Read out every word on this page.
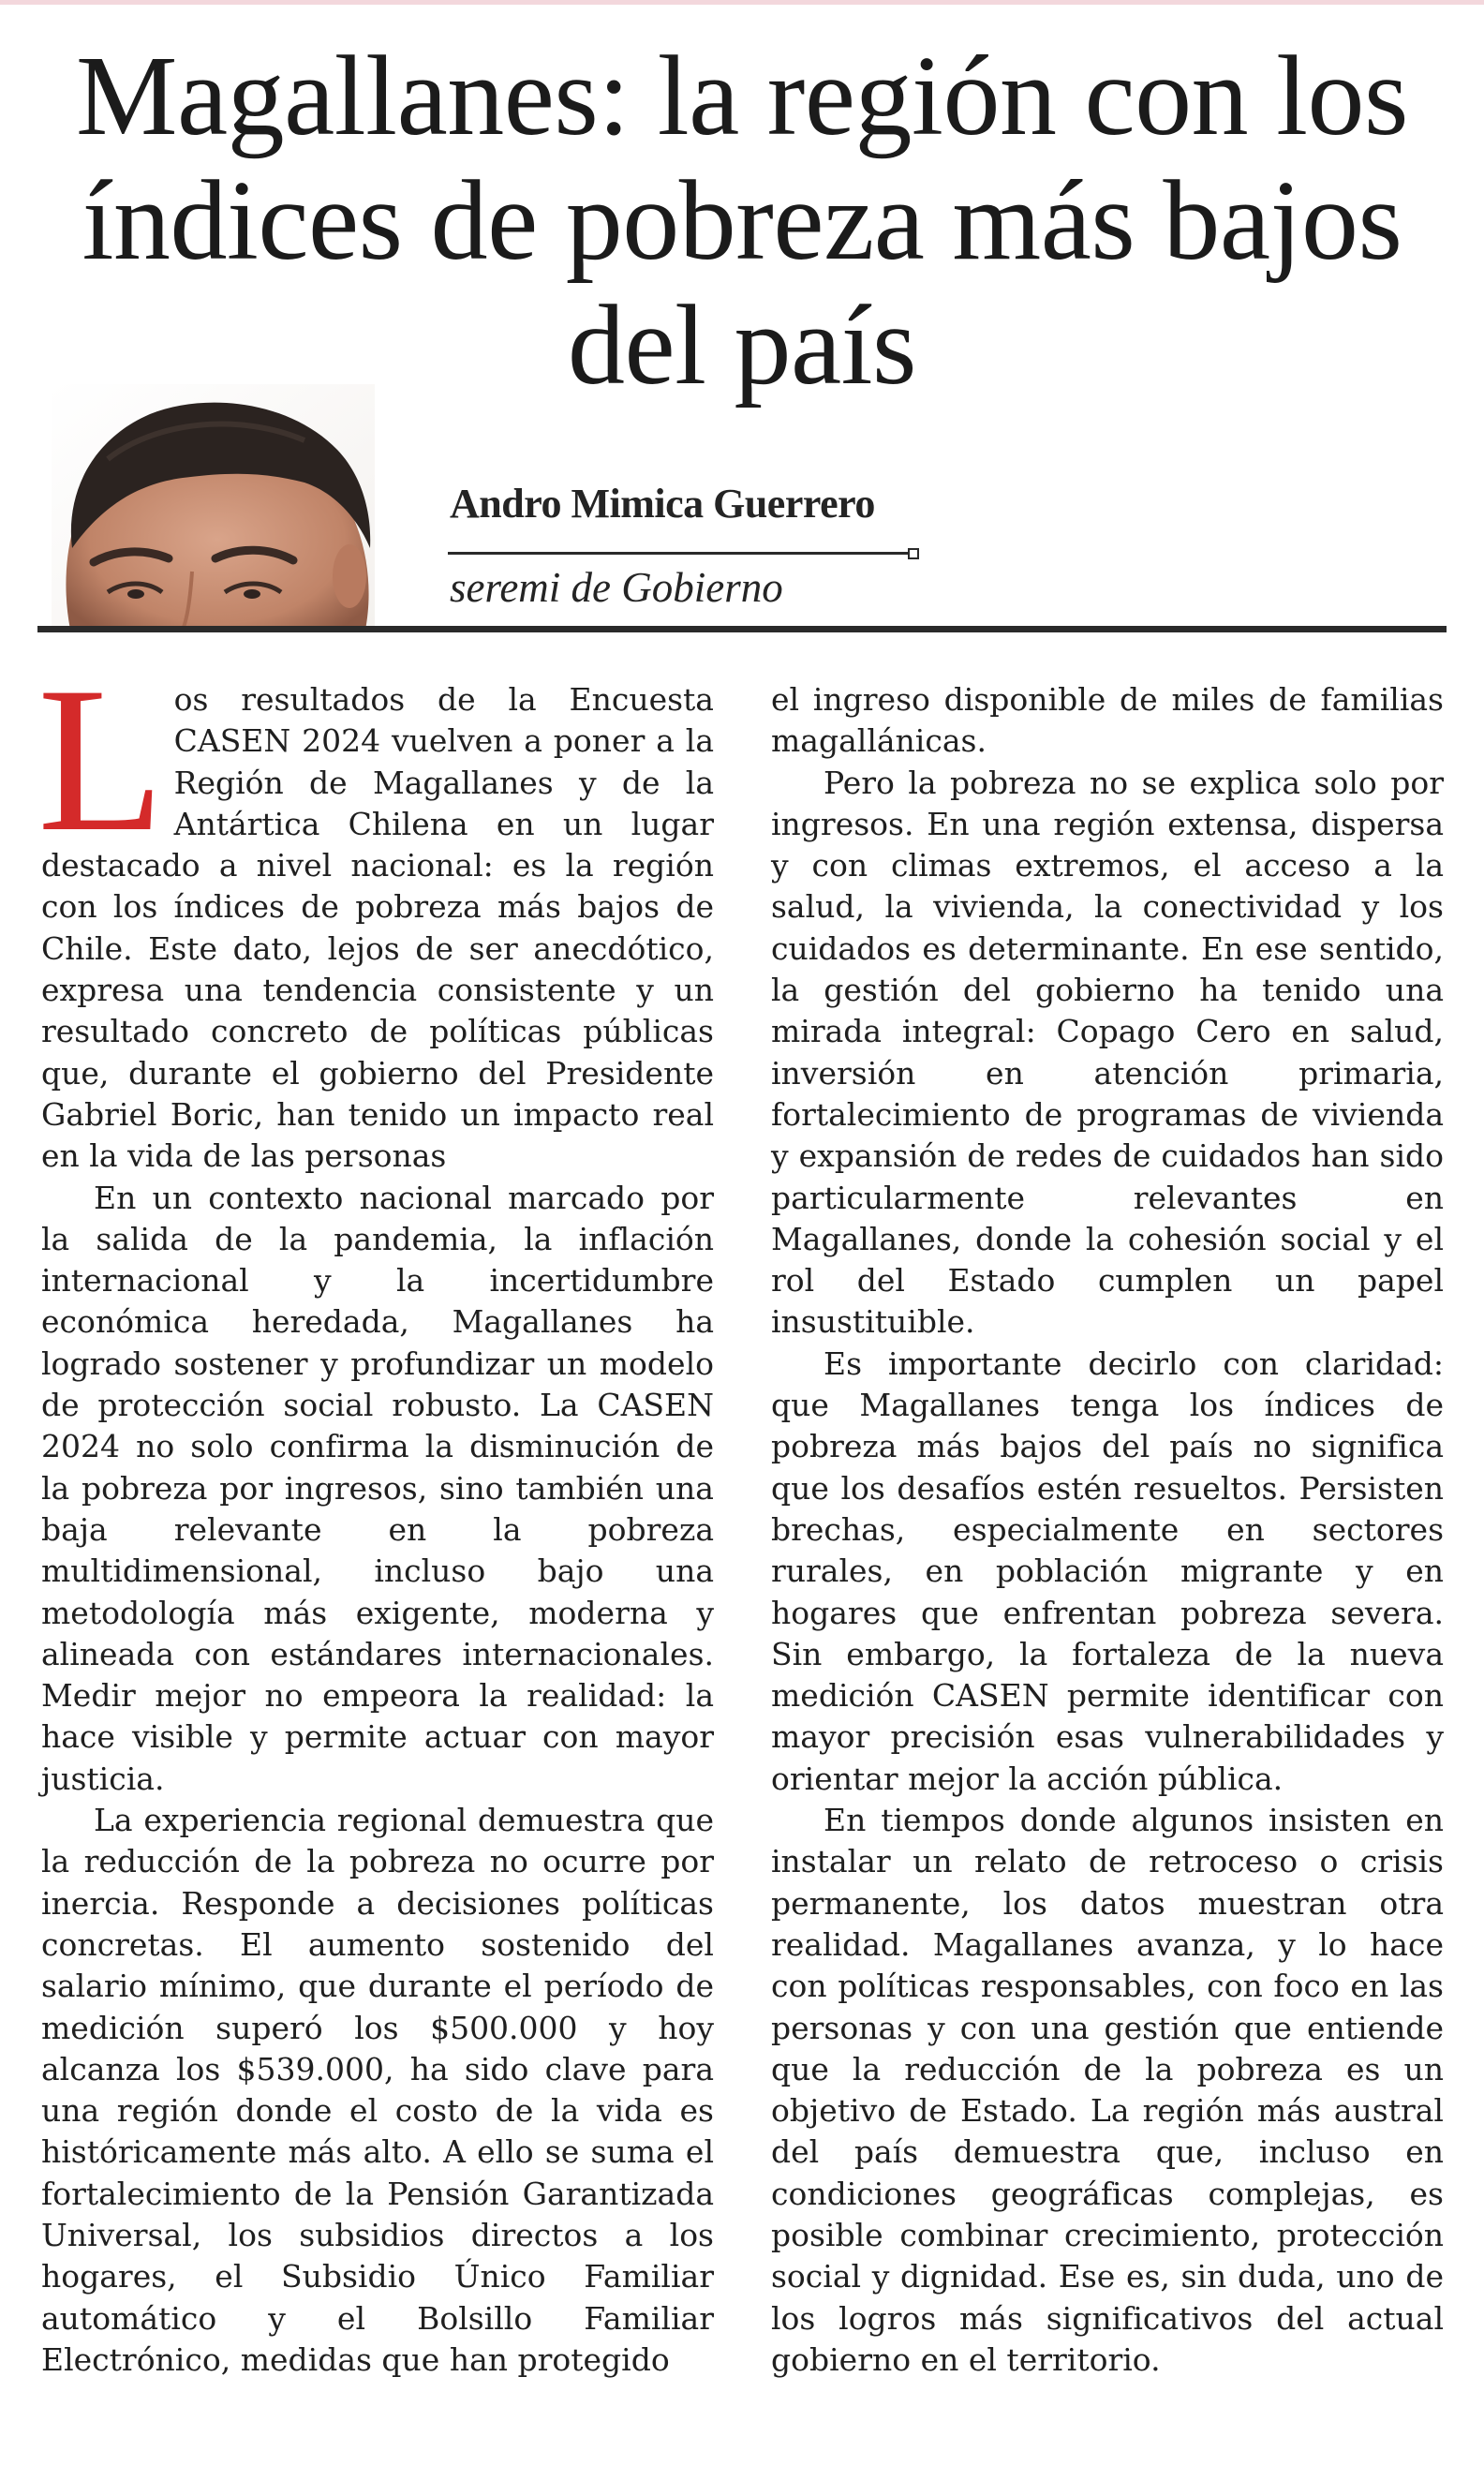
Magallanes: la región con los índices de pobreza más bajos del país
Andro Mimica Guerrero
seremi de Gobierno

Los resultados de la Encuesta CASEN 2024 vuelven a poner a la Región de Magallanes y de la Antártica Chilena en un lugar destacado a nivel nacional: es la región con los índices de pobreza más bajos de Chile. Este dato, lejos de ser anecdótico, expresa una tendencia consistente y un resultado concreto de políticas públicas que, durante el gobierno del Presidente Gabriel Boric, han tenido un impacto real en la vida de las personas

En un contexto nacional marcado por la salida de la pandemia, la inflación internacional y la incertidumbre económica heredada, Magallanes ha logrado sostener y profundizar un modelo de protección social robusto. La CASEN 2024 no solo confirma la disminución de la pobreza por ingresos, sino también una baja relevante en la pobreza multidimensional, incluso bajo una metodología más exigente, moderna y alineada con estándares internacionales. Medir mejor no empeora la realidad: la hace visible y permite actuar con mayor justicia.

La experiencia regional demuestra que la reducción de la pobreza no ocurre por inercia. Responde a decisiones políticas concretas. El aumento sostenido del salario mínimo, que durante el período de medición superó los $500.000 y hoy alcanza los $539.000, ha sido clave para una región donde el costo de la vida es históricamente más alto. A ello se suma el fortalecimiento de la Pensión Garantizada Universal, los subsidios directos a los hogares, el Subsidio Único Familiar automático y el Bolsillo Familiar Electrónico, medidas que han protegido

el ingreso disponible de miles de familias magallánicas.

Pero la pobreza no se explica solo por ingresos. En una región extensa, dispersa y con climas extremos, el acceso a la salud, la vivienda, la conectividad y los cuidados es determinante. En ese sentido, la gestión del gobierno ha tenido una mirada integral: Copago Cero en salud, inversión en atención primaria, fortalecimiento de programas de vivienda y expansión de redes de cuidados han sido particularmente relevantes en Magallanes, donde la cohesión social y el rol del Estado cumplen un papel insustituible.

Es importante decirlo con claridad: que Magallanes tenga los índices de pobreza más bajos del país no significa que los desafíos estén resueltos. Persisten brechas, especialmente en sectores rurales, en población migrante y en hogares que enfrentan pobreza severa. Sin embargo, la fortaleza de la nueva medición CASEN permite identificar con mayor precisión esas vulnerabilidades y orientar mejor la acción pública.

En tiempos donde algunos insisten en instalar un relato de retroceso o crisis permanente, los datos muestran otra realidad. Magallanes avanza, y lo hace con políticas responsables, con foco en las personas y con una gestión que entiende que la reducción de la pobreza es un objetivo de Estado. La región más austral del país demuestra que, incluso en condiciones geográficas complejas, es posible combinar crecimiento, protección social y dignidad. Ese es, sin duda, uno de los logros más significativos del actual gobierno en el territorio.
